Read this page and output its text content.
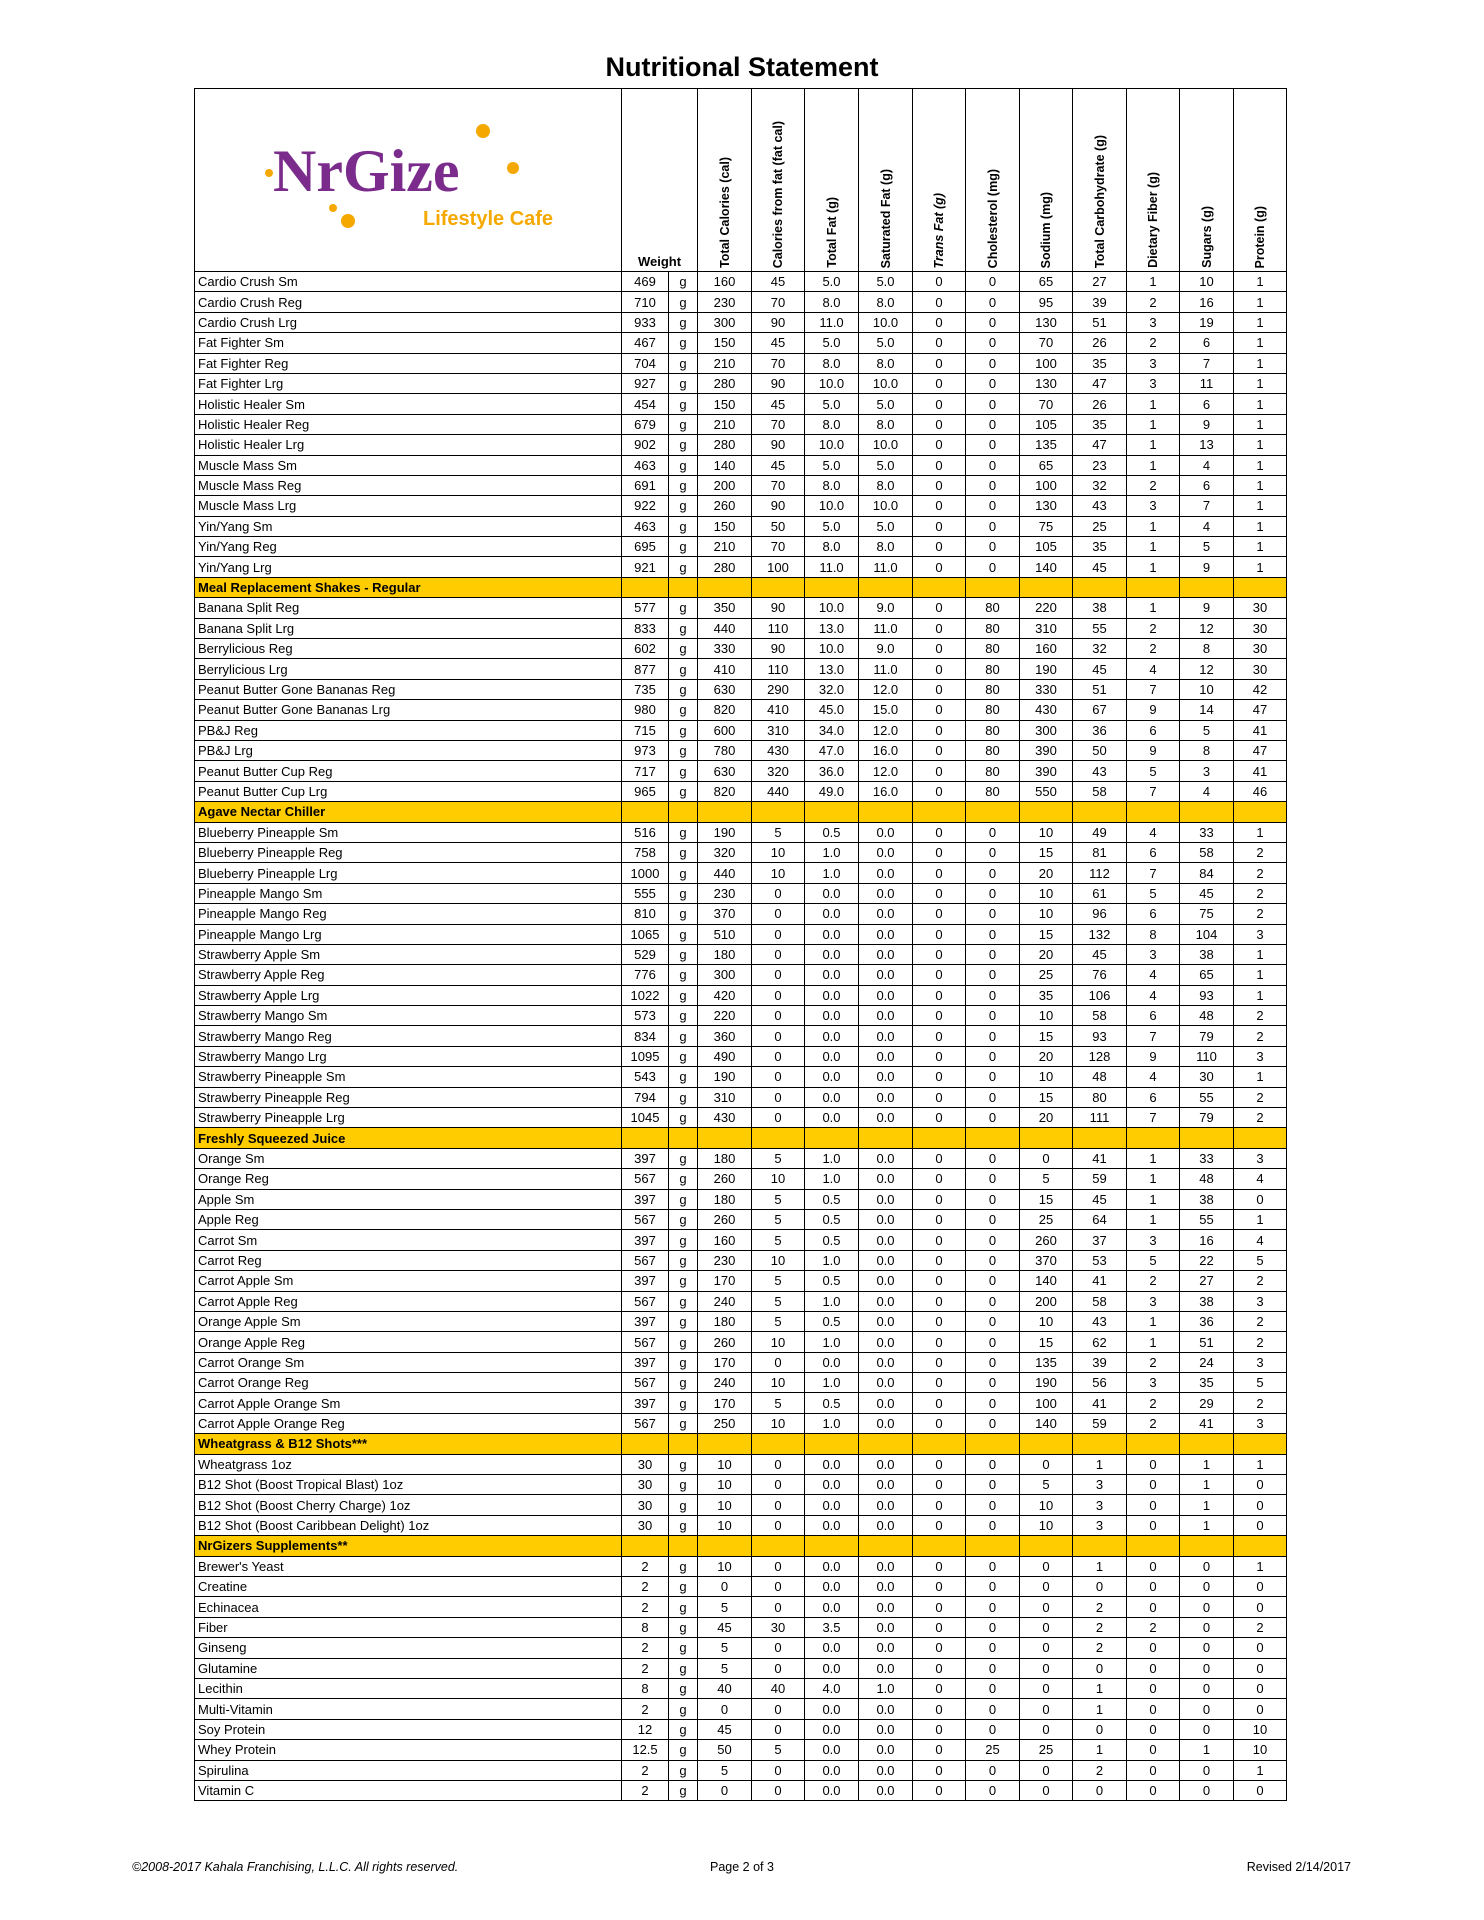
Nutritional Statement
NrGize
Lifestyle Cafe	Weight		Total Calories (cal)	Calories from fat (fat cal)	Total Fat (g)	Saturated Fat (g)	Trans Fat (g)	Cholesterol (mg)	Sodium (mg)	Total Carbohydrate (g)	Dietary Fiber (g)	Sugars (g)	Protein (g)

Cardio Crush Sm	469	g	160	45	5.0	5.0	0	0	65	27	1	10	1
Cardio Crush Reg	710	g	230	70	8.0	8.0	0	0	95	39	2	16	1
Cardio Crush Lrg	933	g	300	90	11.0	10.0	0	0	130	51	3	19	1
Fat Fighter Sm	467	g	150	45	5.0	5.0	0	0	70	26	2	6	1
Fat Fighter Reg	704	g	210	70	8.0	8.0	0	0	100	35	3	7	1
Fat Fighter Lrg	927	g	280	90	10.0	10.0	0	0	130	47	3	11	1
Holistic Healer Sm	454	g	150	45	5.0	5.0	0	0	70	26	1	6	1
Holistic Healer Reg	679	g	210	70	8.0	8.0	0	0	105	35	1	9	1
Holistic Healer Lrg	902	g	280	90	10.0	10.0	0	0	135	47	1	13	1
Muscle Mass Sm	463	g	140	45	5.0	5.0	0	0	65	23	1	4	1
Muscle Mass Reg	691	g	200	70	8.0	8.0	0	0	100	32	2	6	1
Muscle Mass Lrg	922	g	260	90	10.0	10.0	0	0	130	43	3	7	1
Yin/Yang Sm	463	g	150	50	5.0	5.0	0	0	75	25	1	4	1
Yin/Yang Reg	695	g	210	70	8.0	8.0	0	0	105	35	1	5	1
Yin/Yang Lrg	921	g	280	100	11.0	11.0	0	0	140	45	1	9	1
Meal Replacement Shakes - Regular													
Banana Split Reg	577	g	350	90	10.0	9.0	0	80	220	38	1	9	30
Banana Split Lrg	833	g	440	110	13.0	11.0	0	80	310	55	2	12	30
Berrylicious Reg	602	g	330	90	10.0	9.0	0	80	160	32	2	8	30
Berrylicious Lrg	877	g	410	110	13.0	11.0	0	80	190	45	4	12	30
Peanut Butter Gone Bananas Reg	735	g	630	290	32.0	12.0	0	80	330	51	7	10	42
Peanut Butter Gone Bananas Lrg	980	g	820	410	45.0	15.0	0	80	430	67	9	14	47
PB&J Reg	715	g	600	310	34.0	12.0	0	80	300	36	6	5	41
PB&J Lrg	973	g	780	430	47.0	16.0	0	80	390	50	9	8	47
Peanut Butter Cup Reg	717	g	630	320	36.0	12.0	0	80	390	43	5	3	41
Peanut Butter Cup Lrg	965	g	820	440	49.0	16.0	0	80	550	58	7	4	46
Agave Nectar Chiller													
Blueberry Pineapple Sm	516	g	190	5	0.5	0.0	0	0	10	49	4	33	1
Blueberry Pineapple Reg	758	g	320	10	1.0	0.0	0	0	15	81	6	58	2
Blueberry Pineapple Lrg	1000	g	440	10	1.0	0.0	0	0	20	112	7	84	2
Pineapple Mango Sm	555	g	230	0	0.0	0.0	0	0	10	61	5	45	2
Pineapple Mango Reg	810	g	370	0	0.0	0.0	0	0	10	96	6	75	2
Pineapple Mango Lrg	1065	g	510	0	0.0	0.0	0	0	15	132	8	104	3
Strawberry Apple Sm	529	g	180	0	0.0	0.0	0	0	20	45	3	38	1
Strawberry Apple Reg	776	g	300	0	0.0	0.0	0	0	25	76	4	65	1
Strawberry Apple Lrg	1022	g	420	0	0.0	0.0	0	0	35	106	4	93	1
Strawberry Mango Sm	573	g	220	0	0.0	0.0	0	0	10	58	6	48	2
Strawberry Mango Reg	834	g	360	0	0.0	0.0	0	0	15	93	7	79	2
Strawberry Mango Lrg	1095	g	490	0	0.0	0.0	0	0	20	128	9	110	3
Strawberry Pineapple Sm	543	g	190	0	0.0	0.0	0	0	10	48	4	30	1
Strawberry Pineapple Reg	794	g	310	0	0.0	0.0	0	0	15	80	6	55	2
Strawberry Pineapple Lrg	1045	g	430	0	0.0	0.0	0	0	20	111	7	79	2
Freshly Squeezed Juice													
Orange Sm	397	g	180	5	1.0	0.0	0	0	0	41	1	33	3
Orange Reg	567	g	260	10	1.0	0.0	0	0	5	59	1	48	4
Apple Sm	397	g	180	5	0.5	0.0	0	0	15	45	1	38	0
Apple Reg	567	g	260	5	0.5	0.0	0	0	25	64	1	55	1
Carrot Sm	397	g	160	5	0.5	0.0	0	0	260	37	3	16	4
Carrot Reg	567	g	230	10	1.0	0.0	0	0	370	53	5	22	5
Carrot Apple Sm	397	g	170	5	0.5	0.0	0	0	140	41	2	27	2
Carrot Apple Reg	567	g	240	5	1.0	0.0	0	0	200	58	3	38	3
Orange Apple Sm	397	g	180	5	0.5	0.0	0	0	10	43	1	36	2
Orange Apple Reg	567	g	260	10	1.0	0.0	0	0	15	62	1	51	2
Carrot Orange Sm	397	g	170	0	0.0	0.0	0	0	135	39	2	24	3
Carrot Orange Reg	567	g	240	10	1.0	0.0	0	0	190	56	3	35	5
Carrot Apple Orange Sm	397	g	170	5	0.5	0.0	0	0	100	41	2	29	2
Carrot Apple Orange Reg	567	g	250	10	1.0	0.0	0	0	140	59	2	41	3
Wheatgrass & B12 Shots***													
Wheatgrass 1oz	30	g	10	0	0.0	0.0	0	0	0	1	0	1	1
B12 Shot (Boost Tropical Blast) 1oz	30	g	10	0	0.0	0.0	0	0	5	3	0	1	0
B12 Shot (Boost Cherry Charge) 1oz	30	g	10	0	0.0	0.0	0	0	10	3	0	1	0
B12 Shot (Boost Caribbean Delight) 1oz	30	g	10	0	0.0	0.0	0	0	10	3	0	1	0
NrGizers Supplements**													
Brewer's Yeast	2	g	10	0	0.0	0.0	0	0	0	1	0	0	1
Creatine	2	g	0	0	0.0	0.0	0	0	0	0	0	0	0
Echinacea	2	g	5	0	0.0	0.0	0	0	0	2	0	0	0
Fiber	8	g	45	30	3.5	0.0	0	0	0	2	2	0	2
Ginseng	2	g	5	0	0.0	0.0	0	0	0	2	0	0	0
Glutamine	2	g	5	0	0.0	0.0	0	0	0	0	0	0	0
Lecithin	8	g	40	40	4.0	1.0	0	0	0	1	0	0	0
Multi-Vitamin	2	g	0	0	0.0	0.0	0	0	0	1	0	0	0
Soy Protein	12	g	45	0	0.0	0.0	0	0	0	0	0	0	10
Whey Protein	12.5	g	50	5	0.0	0.0	0	25	25	1	0	1	10
Spirulina	2	g	5	0	0.0	0.0	0	0	0	2	0	0	1
Vitamin C	2	g	0	0	0.0	0.0	0	0	0	0	0	0	0
©2008-2017 Kahala Franchising, L.L.C. All rights reserved.	Page 2 of 3	Revised 2/14/2017
